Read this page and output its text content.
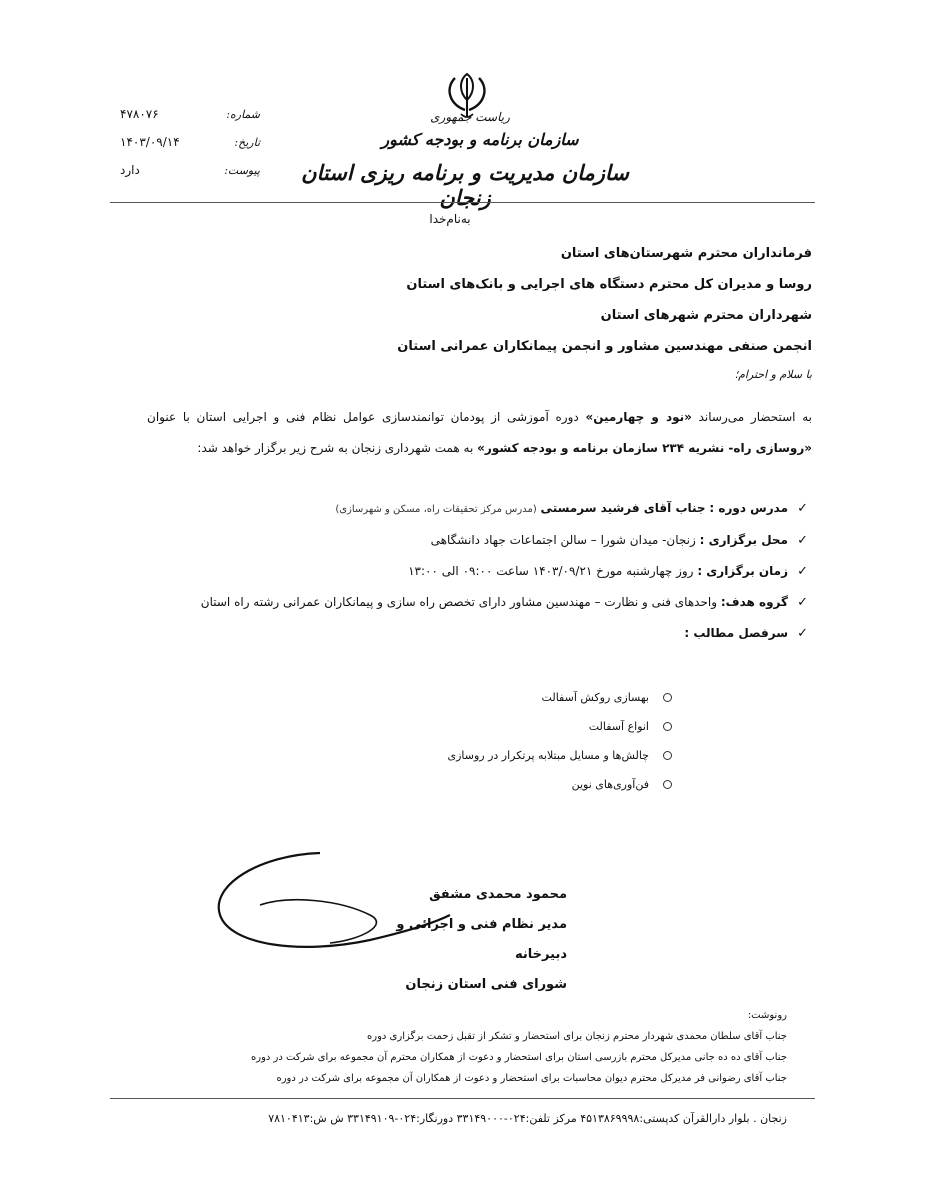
ریاست جمهوری
سازمان برنامه و بودجه کشور
سازمان مدیریت و برنامه ریزی استان زنجان
شماره:
۴۷۸۰۷۶
تاریخ:
۱۴۰۳/۰۹/۱۴
پیوست:
دارد
به‌نام‌خدا
فرمانداران محترم شهرستان‌های استان
روسا و مدیران کل محترم دستگاه های اجرایی و بانک‌های استان
شهرداران محترم شهرهای استان
انجمن صنفی مهندسین مشاور و انجمن پیمانکاران عمرانی استان
با سلام و احترام؛
به استحضار می‌رساند «نود و چهارمین» دوره آموزشی از پودمان توانمندسازی عوامل نظام فنی و اجرایی استان با عنوان «روسازی راه- نشریه ۲۳۴ سازمان برنامه و بودجه کشور» به همت شهرداری زنجان به شرح زیر برگزار خواهد شد:
✓
مدرس دوره : جناب آقای فرشید سرمستی (مدرس مرکز تحقیقات راه، مسکن و شهرسازی)
✓
محل برگزاری : زنجان- میدان شورا – سالن اجتماعات جهاد دانشگاهی
✓
زمان برگزاری : روز چهارشنبه مورخ ۱۴۰۳/۰۹/۲۱ ساعت ۰۹:۰۰ الی ۱۳:۰۰
✓
گروه هدف: واحدهای فنی و نظارت – مهندسین مشاور دارای تخصص راه سازی و پیمانکاران عمرانی رشته راه استان
✓
سرفصل مطالب :
بهسازی روکش آسفالت
انواع آسفالت
چالش‌ها و مسایل مبتلابه پرتکرار در روسازی
فن‌آوری‌های نوین
محمود محمدی مشفق
مدیر نظام فنی و اجرائی و دبیرخانه
شورای فنی استان زنجان
رونوشت:
جناب آقای سلطان محمدی شهردار محترم زنجان برای استحضار و تشکر از تقبل زحمت برگزاری دوره
جناب آقای ده ده جانی مدیرکل محترم بازرسی استان برای استحضار و دعوت از همکاران محترم آن مجموعه برای شرکت در دوره
جناب آقای رضوانی فر مدیرکل محترم دیوان محاسبات برای استحضار و دعوت از همکاران آن مجموعه برای شرکت در دوره
زنجان . بلوار دارالقرآن کدپستی:۴۵۱۳۸۶۹۹۹۸ مرکز تلفن:۰۲۴-۳۳۱۴۹۰۰۰ دورنگار:۰۲۴-۳۳۱۴۹۱۰۹ ش ش:۷۸۱۰۴۱۳
